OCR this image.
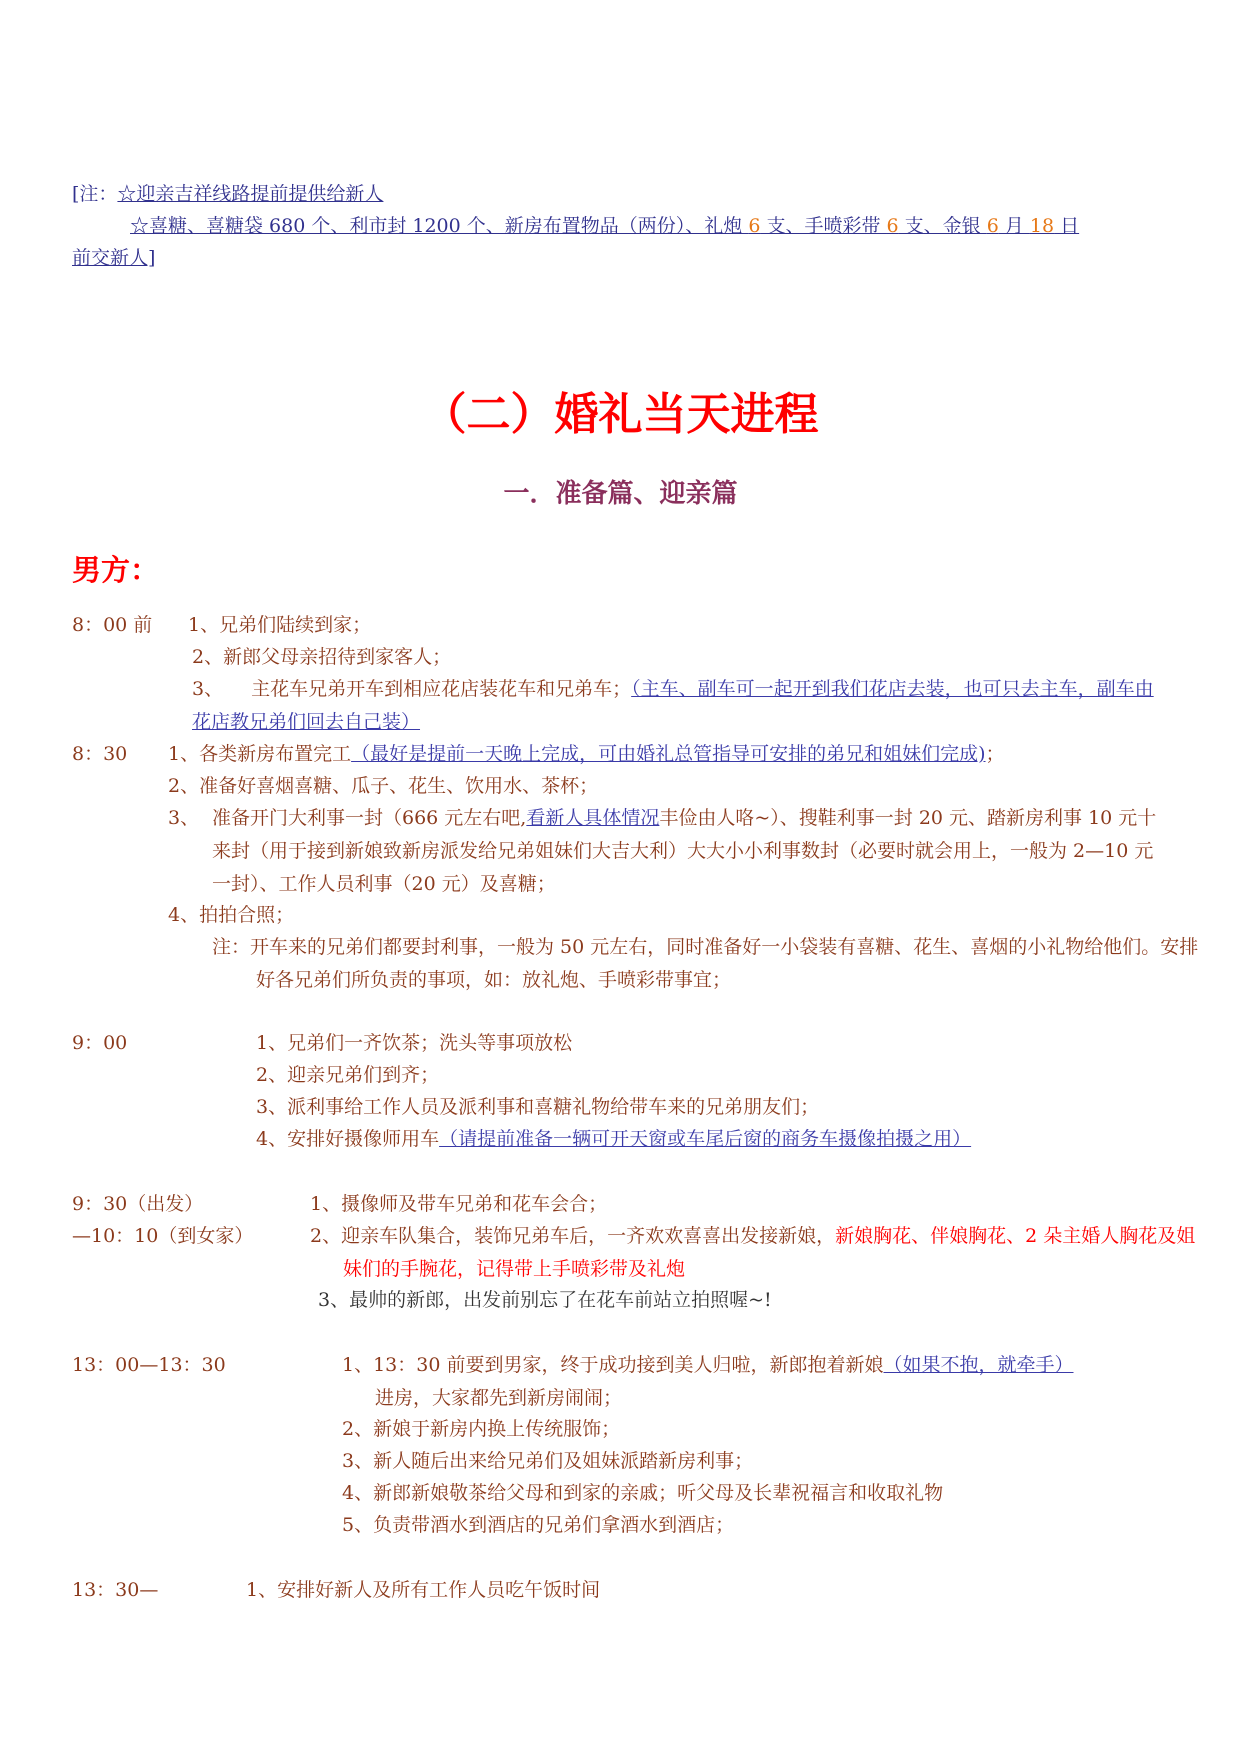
[注：☆迎亲吉祥线路提前提供给新人
☆喜糖、喜糖袋 680 个、利市封 1200 个、新房布置物品（两份）、礼炮 6 支、手喷彩带 6 支、金银 6 月 18 日
前交新人]
（二）婚礼当天进程
一．准备篇、迎亲篇
男方：
8：00 前 1、兄弟们陆续到家；
2、新郎父母亲招待到家客人；
3、 主花车兄弟开车到相应花店装花车和兄弟车；（主车、副车可一起开到我们花店去装，也可只去主车，副车由花店教兄弟们回去自己装）
8：30 1、各类新房布置完工（最好是提前一天晚上完成，可由婚礼总管指导可安排的弟兄和姐妹们完成)；
2、准备好喜烟喜糖、瓜子、花生、饮用水、茶杯；
3、 准备开门大利事一封（666 元左右吧,看新人具体情况丰俭由人咯~）、搜鞋利事一封 20 元、踏新房利事 10 元十来封（用于接到新娘致新房派发给兄弟姐妹们大吉大利）大大小小利事数封（必要时就会用上，一般为 2—10 元一封）、工作人员利事（20 元）及喜糖；
4、拍拍合照；
注：开车来的兄弟们都要封利事，一般为 50 元左右，同时准备好一小袋装有喜糖、花生、喜烟的小礼物给他们。安排好各兄弟们所负责的事项，如：放礼炮、手喷彩带事宜；
9：00	1、兄弟们一齐饮茶；洗头等事项放松
2、迎亲兄弟们到齐；
3、派利事给工作人员及派利事和喜糖礼物给带车来的兄弟朋友们；
4、安排好摄像师用车（请提前准备一辆可开天窗或车尾后窗的商务车摄像拍摄之用）
9：30（出发）
—10：10（到女家）
1、摄像师及带车兄弟和花车会合；
2、迎亲车队集合，装饰兄弟车后，一齐欢欢喜喜出发接新娘，新娘胸花、伴娘胸花、2 朵主婚人胸花及姐妹们的手腕花，记得带上手喷彩带及礼炮
3、最帅的新郎，出发前别忘了在花车前站立拍照喔~!
13：00—13：30	1、13：30 前要到男家，终于成功接到美人归啦，新郎抱着新娘（如果不抱，就牵手）
进房，大家都先到新房闹闹；
2、新娘于新房内换上传统服饰；
3、新人随后出来给兄弟们及姐妹派踏新房利事；
4、新郎新娘敬茶给父母和到家的亲戚；听父母及长辈祝福言和收取礼物
5、负责带酒水到酒店的兄弟们拿酒水到酒店；
13：30—	1、安排好新人及所有工作人员吃午饭时间
